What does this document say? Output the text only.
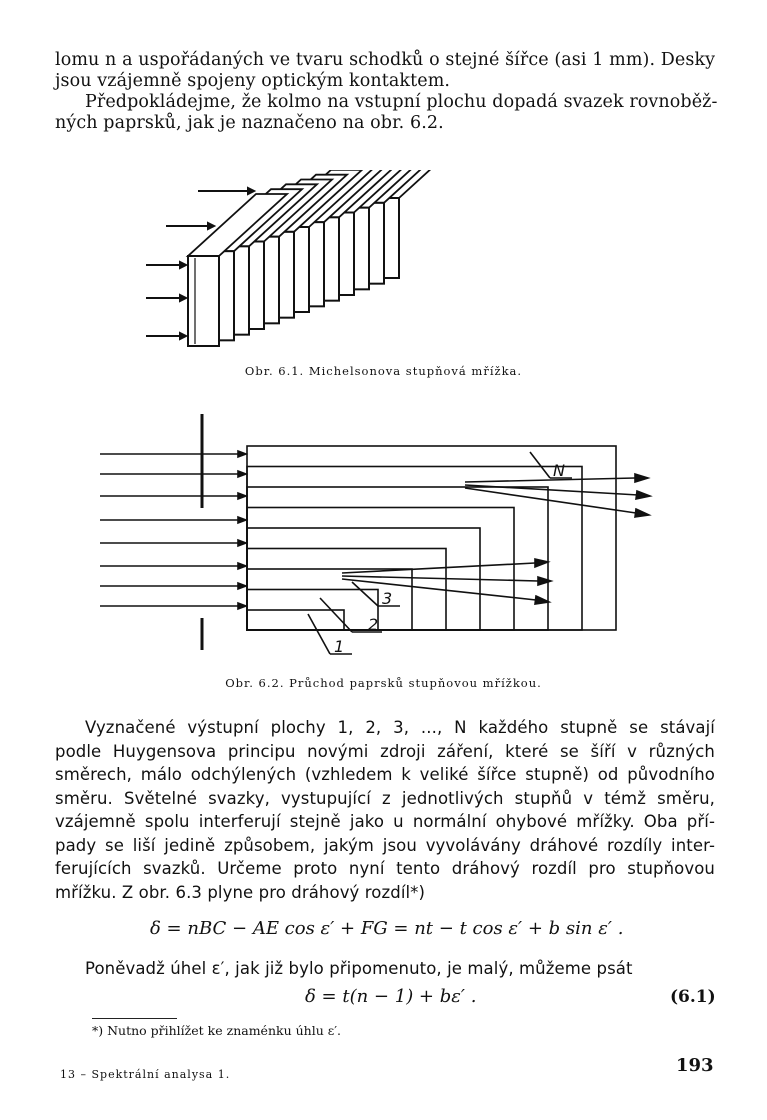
lomu n a uspořádaných ve tvaru schodků o stejné šířce (asi 1 mm). Desky
jsou vzájemně spojeny optickým kontaktem.
Předpokládejme, že kolmo na vstupní plochu dopadá svazek rovnoběž-
ných paprsků, jak je naznačeno na obr. 6.2.
Obr. 6.1. Michelsonova stupňová mřížka.
N
3
2
1
Obr. 6.2. Průchod paprsků stupňovou mřížkou.
Vyznačené výstupní plochy 1, 2, 3, ..., N každého stupně se stávají
podle Huygensova principu novými zdroji záření, které se šíří v různých
směrech, málo odchýlených (vzhledem k veliké šířce stupně) od původního
směru. Světelné svazky, vystupující z jednotlivých stupňů v témž směru,
vzájemně spolu interferují stejně jako u normální ohybové mřížky. Oba pří-
pady se liší jedině způsobem, jakým jsou vyvolávány dráhové rozdíly inter-
ferujících svazků. Určeme proto nyní tento dráhový rozdíl pro stupňovou
mřížku. Z obr. 6.3 plyne pro dráhový rozdíl*)
δ = nBC − AE cos ε′ + FG = nt − t cos ε′ + b sin ε′ .
Poněvadž úhel ε′, jak již bylo připomenuto, je malý, můžeme psát
δ = t(n − 1) + bε′ .	(6.1)
*) Nutno přihlížet ke znaménku úhlu ε′.
13 – Spektrální analysa 1.	193
